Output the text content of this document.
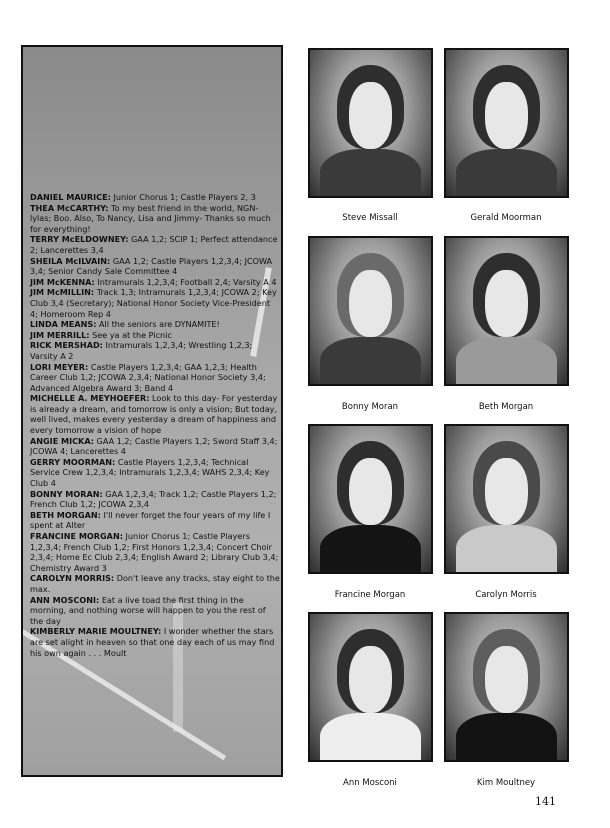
DANIEL MAURICE: Junior Chorus 1; Castle Players 2, 3

THEA McCARTHY: To my best friend in the world, NGN- lylas; Boo. Also, To Nancy, Lisa and Jimmy- Thanks so much for everything!

TERRY McELDOWNEY: GAA 1,2; SCIP 1; Perfect attendance 2; Lancerettes 3,4

SHEILA McILVAIN: GAA 1,2; Castle Players 1,2,3,4; JCOWA 3,4; Senior Candy Sale Committee 4

JIM McKENNA: Intramurals 1,2,3,4; Football 2,4; Varsity A 4

JIM McMILLIN: Track 1,3; Intramurals 1,2,3,4; JCOWA 2; Key Club 3,4 (Secretary); National Honor Society Vice-President 4; Homeroom Rep 4

LINDA MEANS: All the seniors are DYNAMITE!

JIM MERRILL: See ya at the Picnic

RICK MERSHAD: Intramurals 1,2,3,4; Wrestling 1,2,3; Varsity A 2

LORI MEYER: Castle Players 1,2,3,4; GAA 1,2,3; Health Career Club 1,2; JCOWA 2,3,4; National Honor Society 3,4; Advanced Algebra Award 3; Band 4

MICHELLE A. MEYHOEFER: Look to this day- For yesterday is already a dream, and tomorrow is only a vision; But today, well lived, makes every yesterday a dream of happiness and every tomorrow a vision of hope

ANGIE MICKA: GAA 1,2; Castle Players 1,2; Sword Staff 3,4; JCOWA 4; Lancerettes 4

GERRY MOORMAN: Castle Players 1,2,3,4; Technical Service Crew 1,2,3,4; Intramurals 1,2,3,4; WAHS 2,3,4; Key Club 4

BONNY MORAN: GAA 1,2,3,4; Track 1,2; Castle Players 1,2; French Club 1,2; JCOWA 2,3,4

BETH MORGAN: I'll never forget the four years of my life I spent at Alter

FRANCINE MORGAN: Junior Chorus 1; Castle Players 1,2,3,4; French Club 1,2; First Honors 1,2,3,4; Concert Choir 2,3,4; Home Ec Club 2,3,4; English Award 2; Library Club 3,4; Chemistry Award 3

CAROLYN MORRIS: Don't leave any tracks, stay eight to the max.

ANN MOSCONI: Eat a live toad the first thing in the morning, and nothing worse will happen to you the rest of the day

KIMBERLY MARIE MOULTNEY: I wonder whether the stars are set alight in heaven so that one day each of us may find his own again . . . Moult

Steve Missall	Gerald Moorman
Bonny Moran	Beth Morgan
Francine Morgan	Carolyn Morris
Ann Mosconi	Kim Moultney
141
